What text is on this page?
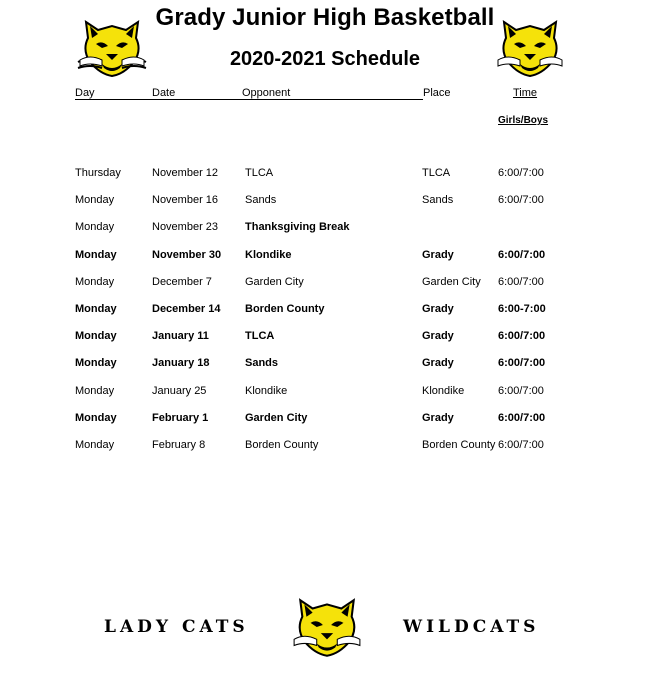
Grady Junior High Basketball
2020-2021 Schedule
Day	Date	Opponent	Place	Time
Girls/Boys
Thursday	November 12 TLCA	TLCA	6:00/7:00
Monday	November 16 Sands	Sands	6:00/7:00
Monday	November 23 Thanksgiving Break
Monday	November 30 Klondike	Grady	6:00/7:00
Monday	December 7	Garden City	Garden City 6:00/7:00
Monday	December 14 Borden County	Grady	6:00-7:00
Monday	January 11	TLCA	Grady	6:00/7:00
Monday	January 18	Sands	Grady	6:00/7:00
Monday	January 25	Klondike	Klondike	6:00/7:00
Monday	February 1	Garden City	Grady	6:00/7:00
Monday	February 8	Borden County	Borden County 6:00/7:00
LADY CATS	WILDCATS
